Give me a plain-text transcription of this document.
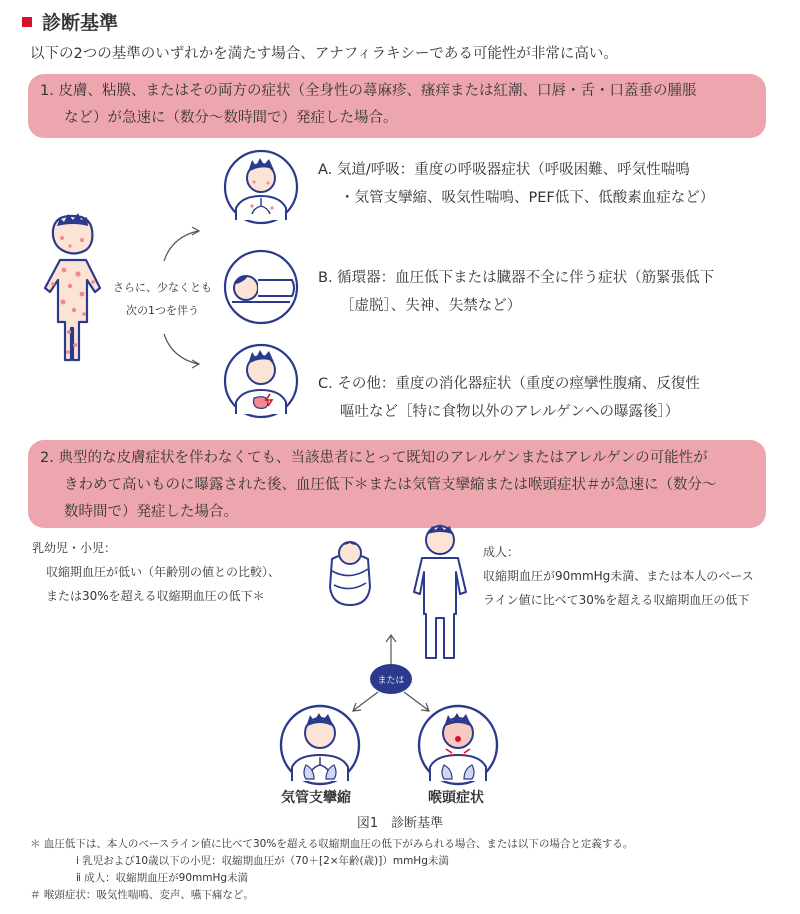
診断基準
以下の2つの基準のいずれかを満たす場合、アナフィラキシーである可能性が非常に高い。
1. 皮膚、粘膜、またはその両方の症状（全身性の蕁麻疹、瘙痒または紅潮、口唇・舌・口蓋垂の腫脹
など）が急速に（数分～数時間で）発症した場合。
さらに、少なくとも
次の1つを伴う
A. 気道/呼吸：重度の呼吸器症状（呼吸困難、呼気性喘鳴
・気管支攣縮、吸気性喘鳴、PEF低下、低酸素血症など）
B. 循環器：血圧低下または臓器不全に伴う症状（筋緊張低下
［虚脱］、失神、失禁など）
C. その他：重度の消化器症状（重度の痙攣性腹痛、反復性
嘔吐など［特に食物以外のアレルゲンへの曝露後］）
2. 典型的な皮膚症状を伴わなくても、当該患者にとって既知のアレルゲンまたはアレルゲンの可能性が
きわめて高いものに曝露された後、血圧低下＊または気管支攣縮または喉頭症状＃が急速に（数分～
数時間で）発症した場合。
乳幼児・小児：
収縮期血圧が低い（年齢別の値との比較）、
または30%を超える収縮期血圧の低下＊
成人：
収縮期血圧が90mmHg未満、または本人のベース
ライン値に比べて30%を超える収縮期血圧の低下
または
気管支攣縮	喉頭症状
図1　診断基準
＊ 血圧低下は、本人のベースライン値に比べて30%を超える収縮期血圧の低下がみられる場合、または以下の場合と定義する。
ⅰ 乳児および10歳以下の小児：収縮期血圧が（70＋[2×年齢(歳)]）mmHg未満
ⅱ 成人：収縮期血圧が90mmHg未満
＃ 喉頭症状：吸気性喘鳴、変声、嚥下痛など。
